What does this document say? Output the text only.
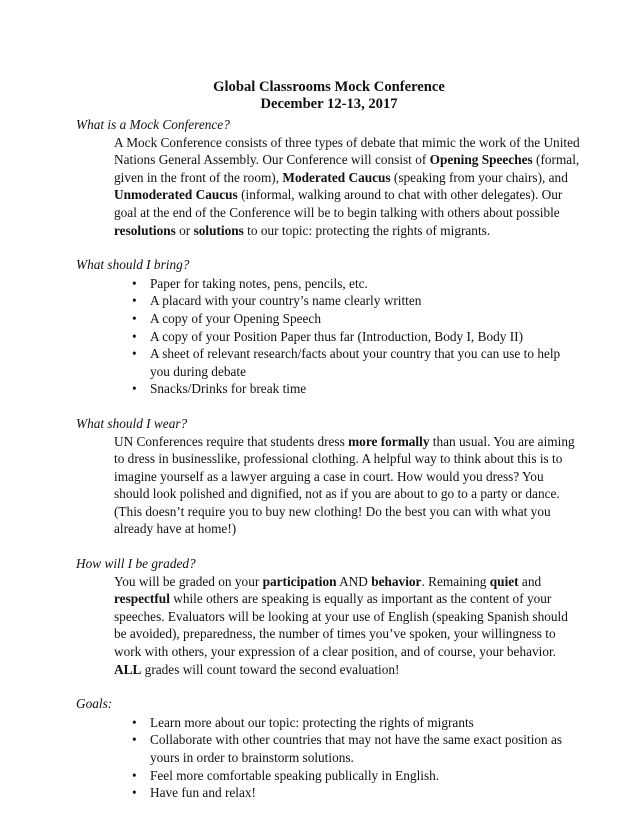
Global Classrooms Mock Conference
December 12-13, 2017

What is a Mock Conference?

A Mock Conference consists of three types of debate that mimic the work of the United Nations General Assembly. Our Conference will consist of Opening Speeches (formal, given in the front of the room), Moderated Caucus (speaking from your chairs), and Unmoderated Caucus (informal, walking around to chat with other delegates). Our goal at the end of the Conference will be to begin talking with others about possible resolutions or solutions to our topic: protecting the rights of migrants.

What should I bring?

• Paper for taking notes, pens, pencils, etc.
• A placard with your country’s name clearly written
• A copy of your Opening Speech
• A copy of your Position Paper thus far (Introduction, Body I, Body II)
• A sheet of relevant research/facts about your country that you can use to help you during debate
• Snacks/Drinks for break time

What should I wear?

UN Conferences require that students dress more formally than usual. You are aiming to dress in businesslike, professional clothing. A helpful way to think about this is to imagine yourself as a lawyer arguing a case in court. How would you dress? You should look polished and dignified, not as if you are about to go to a party or dance. (This doesn’t require you to buy new clothing! Do the best you can with what you already have at home!)

How will I be graded?

You will be graded on your participation AND behavior. Remaining quiet and respectful while others are speaking is equally as important as the content of your speeches. Evaluators will be looking at your use of English (speaking Spanish should be avoided), preparedness, the number of times you’ve spoken, your willingness to work with others, your expression of a clear position, and of course, your behavior. ALL grades will count toward the second evaluation!

Goals:

• Learn more about our topic: protecting the rights of migrants
• Collaborate with other countries that may not have the same exact position as yours in order to brainstorm solutions.
• Feel more comfortable speaking publically in English.
• Have fun and relax!
